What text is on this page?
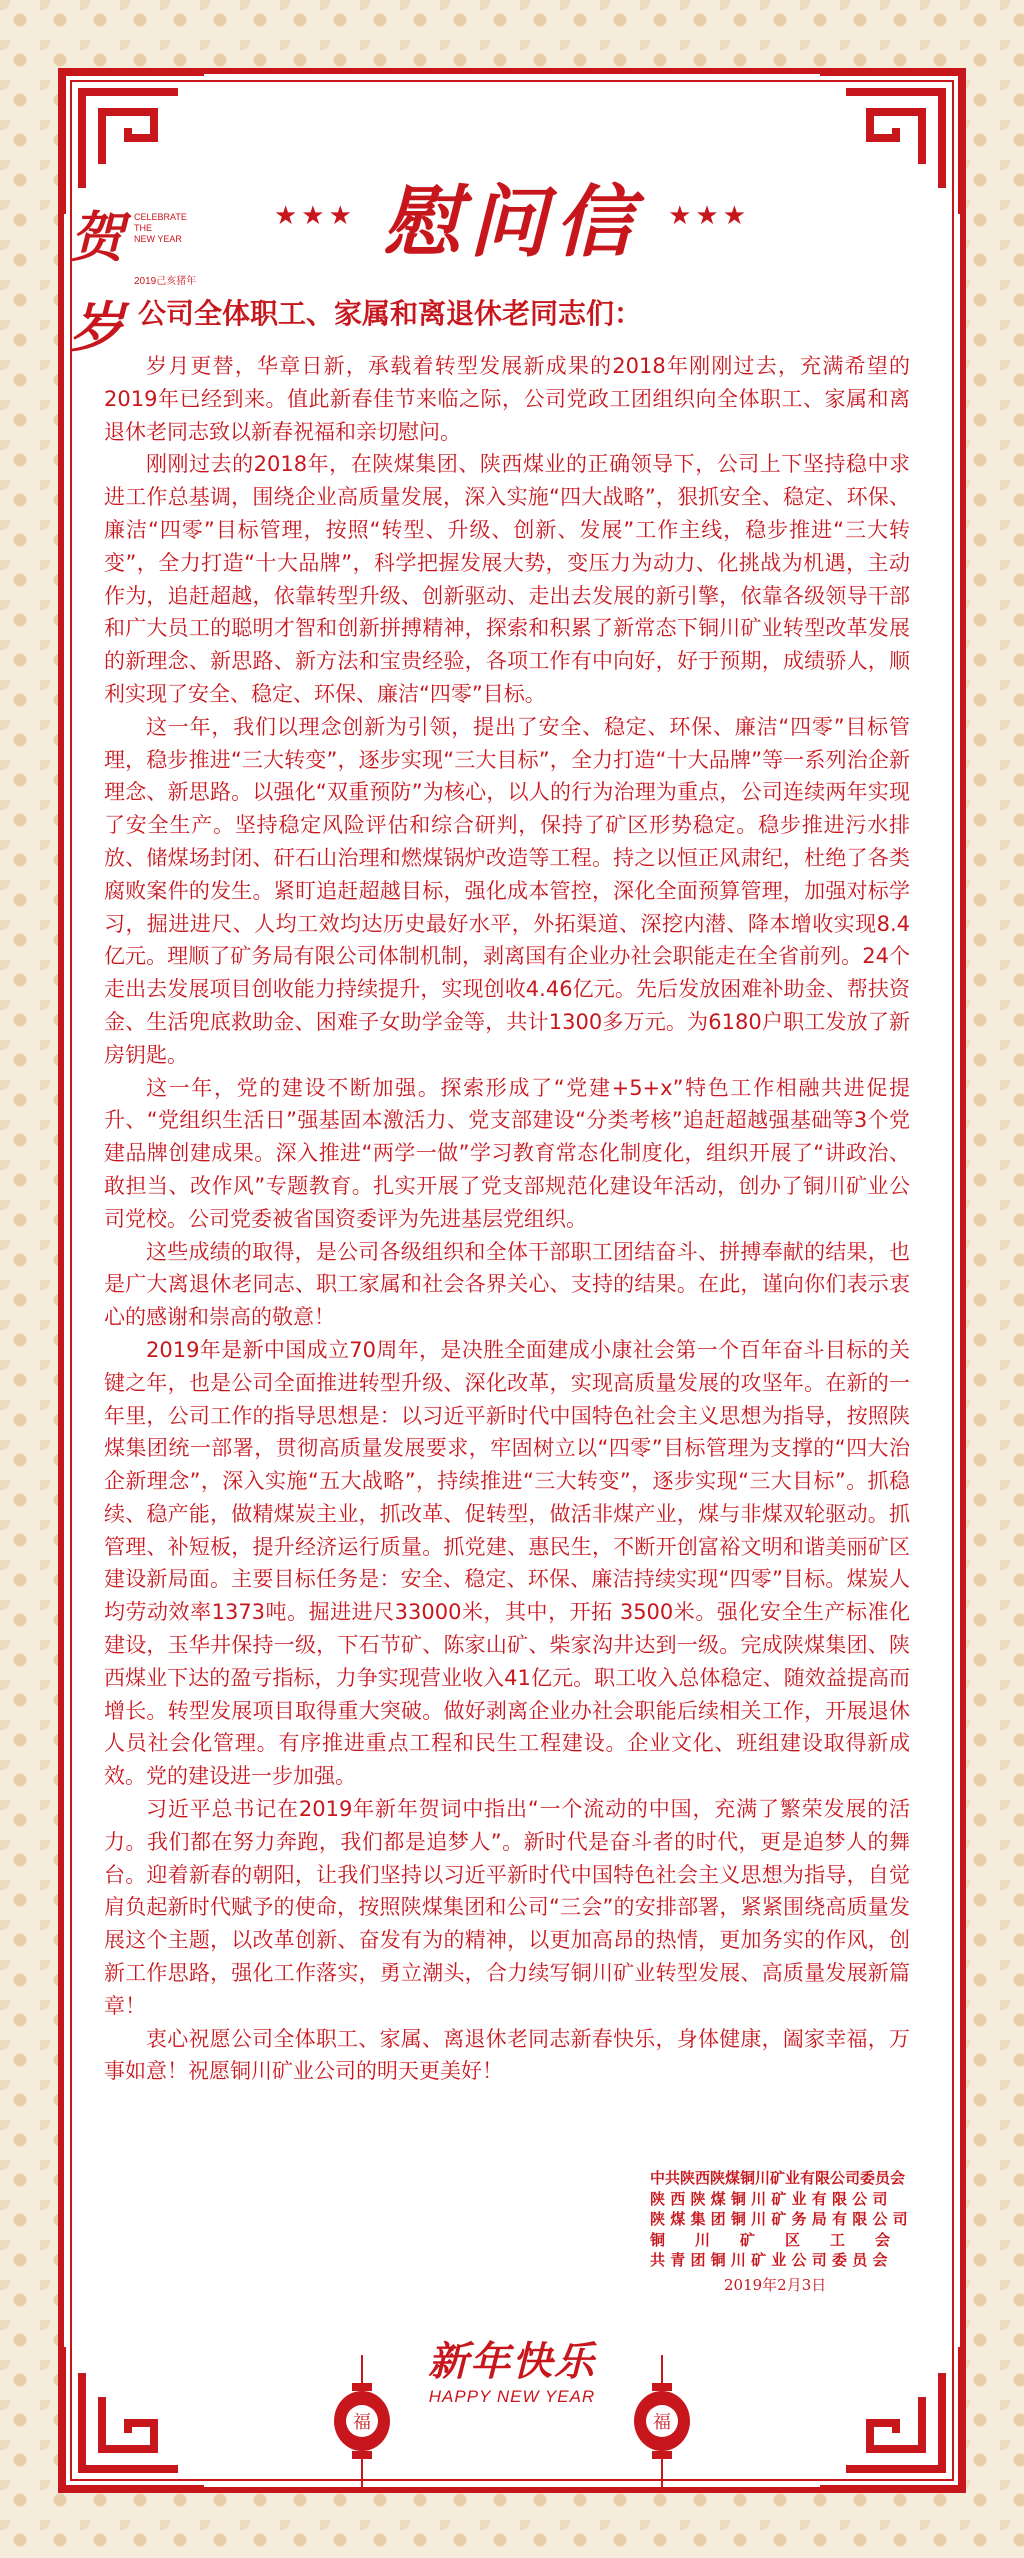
★★★ 慰问信 ★★★
贺
岁
CELEBRATE
THE
NEW YEAR
2019己亥猪年
公司全体职工、家属和离退休老同志们：

岁月更替，华章日新，承载着转型发展新成果的2018年刚刚过去，充满希望的2019年已经到来。值此新春佳节来临之际，公司党政工团组织向全体职工、家属和离退休老同志致以新春祝福和亲切慰问。

刚刚过去的2018年，在陕煤集团、陕西煤业的正确领导下，公司上下坚持稳中求进工作总基调，围绕企业高质量发展，深入实施“四大战略”，狠抓安全、稳定、环保、廉洁“四零”目标管理，按照“转型、升级、创新、发展”工作主线，稳步推进“三大转变”，全力打造“十大品牌”，科学把握发展大势，变压力为动力、化挑战为机遇，主动作为，追赶超越，依靠转型升级、创新驱动、走出去发展的新引擎，依靠各级领导干部和广大员工的聪明才智和创新拼搏精神，探索和积累了新常态下铜川矿业转型改革发展的新理念、新思路、新方法和宝贵经验，各项工作有中向好，好于预期，成绩骄人，顺利实现了安全、稳定、环保、廉洁“四零”目标。

这一年，我们以理念创新为引领，提出了安全、稳定、环保、廉洁“四零”目标管理，稳步推进“三大转变”，逐步实现“三大目标”，全力打造“十大品牌”等一系列治企新理念、新思路。以强化“双重预防”为核心，以人的行为治理为重点，公司连续两年实现了安全生产。坚持稳定风险评估和综合研判，保持了矿区形势稳定。稳步推进污水排放、储煤场封闭、矸石山治理和燃煤锅炉改造等工程。持之以恒正风肃纪，杜绝了各类腐败案件的发生。紧盯追赶超越目标，强化成本管控，深化全面预算管理，加强对标学习，掘进进尺、人均工效均达历史最好水平，外拓渠道、深挖内潜、降本增收实现8.4亿元。理顺了矿务局有限公司体制机制，剥离国有企业办社会职能走在全省前列。24个走出去发展项目创收能力持续提升，实现创收4.46亿元。先后发放困难补助金、帮扶资金、生活兜底救助金、困难子女助学金等，共计1300多万元。为6180户职工发放了新房钥匙。

这一年，党的建设不断加强。探索形成了“党建+5+x”特色工作相融共进促提升、“党组织生活日”强基固本激活力、党支部建设“分类考核”追赶超越强基础等3个党建品牌创建成果。深入推进“两学一做”学习教育常态化制度化，组织开展了“讲政治、敢担当、改作风”专题教育。扎实开展了党支部规范化建设年活动，创办了铜川矿业公司党校。公司党委被省国资委评为先进基层党组织。

这些成绩的取得，是公司各级组织和全体干部职工团结奋斗、拼搏奉献的结果，也是广大离退休老同志、职工家属和社会各界关心、支持的结果。在此，谨向你们表示衷心的感谢和崇高的敬意！

2019年是新中国成立70周年，是决胜全面建成小康社会第一个百年奋斗目标的关键之年，也是公司全面推进转型升级、深化改革，实现高质量发展的攻坚年。在新的一年里，公司工作的指导思想是：以习近平新时代中国特色社会主义思想为指导，按照陕煤集团统一部署，贯彻高质量发展要求，牢固树立以“四零”目标管理为支撑的“四大治企新理念”，深入实施“五大战略”，持续推进“三大转变”，逐步实现“三大目标”。抓稳续、稳产能，做精煤炭主业，抓改革、促转型，做活非煤产业，煤与非煤双轮驱动。抓管理、补短板，提升经济运行质量。抓党建、惠民生，不断开创富裕文明和谐美丽矿区建设新局面。主要目标任务是：安全、稳定、环保、廉洁持续实现“四零”目标。煤炭人均劳动效率1373吨。掘进进尺33000米，其中，开拓 3500米。强化安全生产标准化建设，玉华井保持一级，下石节矿、陈家山矿、柴家沟井达到一级。完成陕煤集团、陕西煤业下达的盈亏指标，力争实现营业收入41亿元。职工收入总体稳定、随效益提高而增长。转型发展项目取得重大突破。做好剥离企业办社会职能后续相关工作，开展退休人员社会化管理。有序推进重点工程和民生工程建设。企业文化、班组建设取得新成效。党的建设进一步加强。

习近平总书记在2019年新年贺词中指出“一个流动的中国，充满了繁荣发展的活力。我们都在努力奔跑，我们都是追梦人”。新时代是奋斗者的时代，更是追梦人的舞台。迎着新春的朝阳，让我们坚持以习近平新时代中国特色社会主义思想为指导，自觉肩负起新时代赋予的使命，按照陕煤集团和公司“三会”的安排部署，紧紧围绕高质量发展这个主题，以改革创新、奋发有为的精神，以更加高昂的热情，更加务实的作风，创新工作思路，强化工作落实，勇立潮头，合力续写铜川矿业转型发展、高质量发展新篇章！

衷心祝愿公司全体职工、家属、离退休老同志新春快乐，身体健康，阖家幸福，万事如意！祝愿铜川矿业公司的明天更美好！

中共陕西陕煤铜川矿业有限公司委员会
陕 西 陕 煤 铜 川 矿 业 有 限 公 司
陕 煤 集 团 铜 川 矿 务 局 有 限 公 司
铜　　川　　矿　　区　　工　　会
共 青 团 铜 川 矿 业 公 司 委 员 会
2019年2月3日
福	福
新年快乐
HAPPY NEW YEAR
